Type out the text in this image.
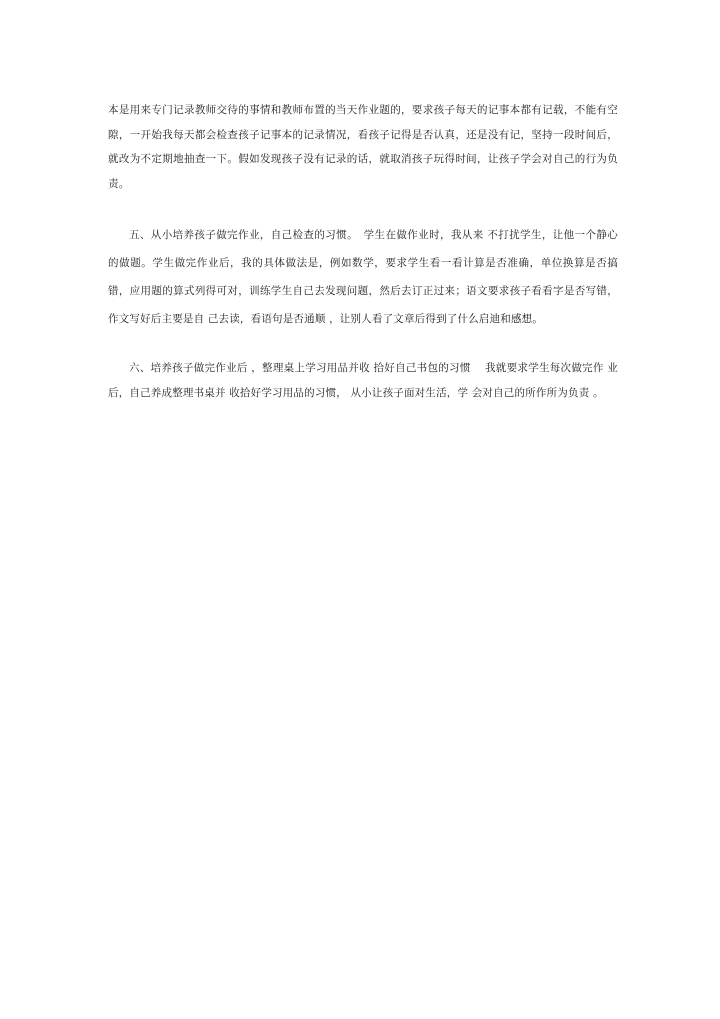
本是用来专门记录教师交待的事情和教师布置的当天作业题的，要求孩子每天的记事本都有记载，不能有空隙，一开始我每天都会检查孩子记事本的记录情况，看孩子记得是否认真，还是没有记，坚持一段时间后，就改为不定期地抽查一下。假如发现孩子没有记录的话，就取消孩子玩得时间，让孩子学会对自己的行为负责。

五、从小培养孩子做完作业，自己检查的习惯。　学生在做作业时，我从来 不打扰学生，让他一个静心的做题。学生做完作业后，我的具体做法是，例如数学，要求学生看一看计算是否准确，单位换算是否搞错，应用题的算式列得可对，训练学生自己去发现问题，然后去订正过来；语文要求孩子看看字是否写错，作文写好后主要是自 己去读，看语句是否通顺 ，让别人看了文章后得到了什么启迪和感想。

六、培养孩子做完作业后 ，整理桌上学习用品并收 拾好自己书包的习惯　 我就要求学生每次做完作 业后，自己养成整理书桌并 收拾好学习用品的习惯， 从小让孩子面对生活，学 会对自己的所作所为负责 。
